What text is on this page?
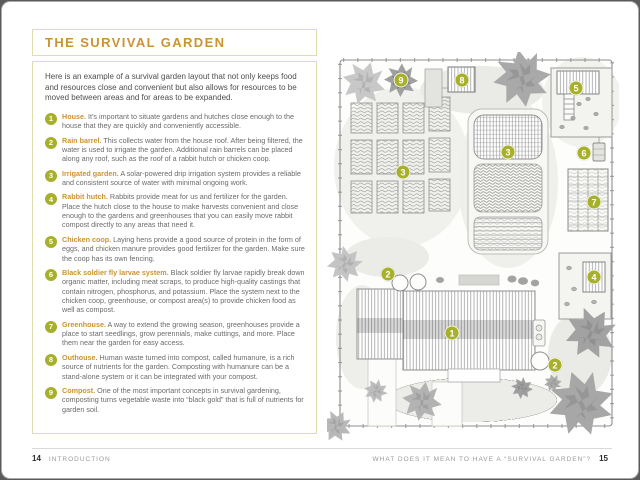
THE SURVIVAL GARDEN

Here is an example of a survival garden layout that not only keeps food and resources close and convenient but also allows for resources to be moved between areas and for areas to be expanded.

1	House. It’s important to situate gardens and hutches close enough to the house that they are quickly and conveniently accessible.
2	Rain barrel. This collects water from the house roof. After being filtered, the water is used to irrigate the garden. Additional rain barrels can be placed along any roof, such as the roof of a rabbit hutch or chicken coop.
3	Irrigated garden. A solar-powered drip irrigation system provides a reliable and consistent source of water with minimal ongoing work.
4	Rabbit hutch. Rabbits provide meat for us and fertilizer for the garden. Place the hutch close to the house to make harvests convenient and close enough to the gardens and greenhouses that you can easily move rabbit compost directly to any areas that need it.
5	Chicken coop. Laying hens provide a good source of protein in the form of eggs, and chicken manure provides good fertilizer for the garden. Make sure the coop has its own fencing.
6	Black soldier fly larvae system. Black soldier fly larvae rapidly break down organic matter, including meat scraps, to produce high-quality castings that contain nitrogen, phosphorus, and potassium. Place the system next to the chicken coop, greenhouse, or compost area(s) to provide chicken food as well as compost.
7	Greenhouse. A way to extend the growing season, greenhouses provide a place to start seedlings, grow perennials, make cuttings, and more. Place them near the garden for easy access.
8	Outhouse. Human waste turned into compost, called humanure, is a rich source of nutrients for the garden. Composting with humanure can be a stand-alone system or it can be integrated with your compost.
9	Compost. One of the most important concepts in survival gardening, composting turns vegetable waste into “black gold” that is full of nutrients for garden soil.
1
2
2
3
3
4
5
6
7
8
9
14 INTRODUCTION	WHAT DOES IT MEAN TO HAVE A “SURVIVAL GARDEN”? 15
